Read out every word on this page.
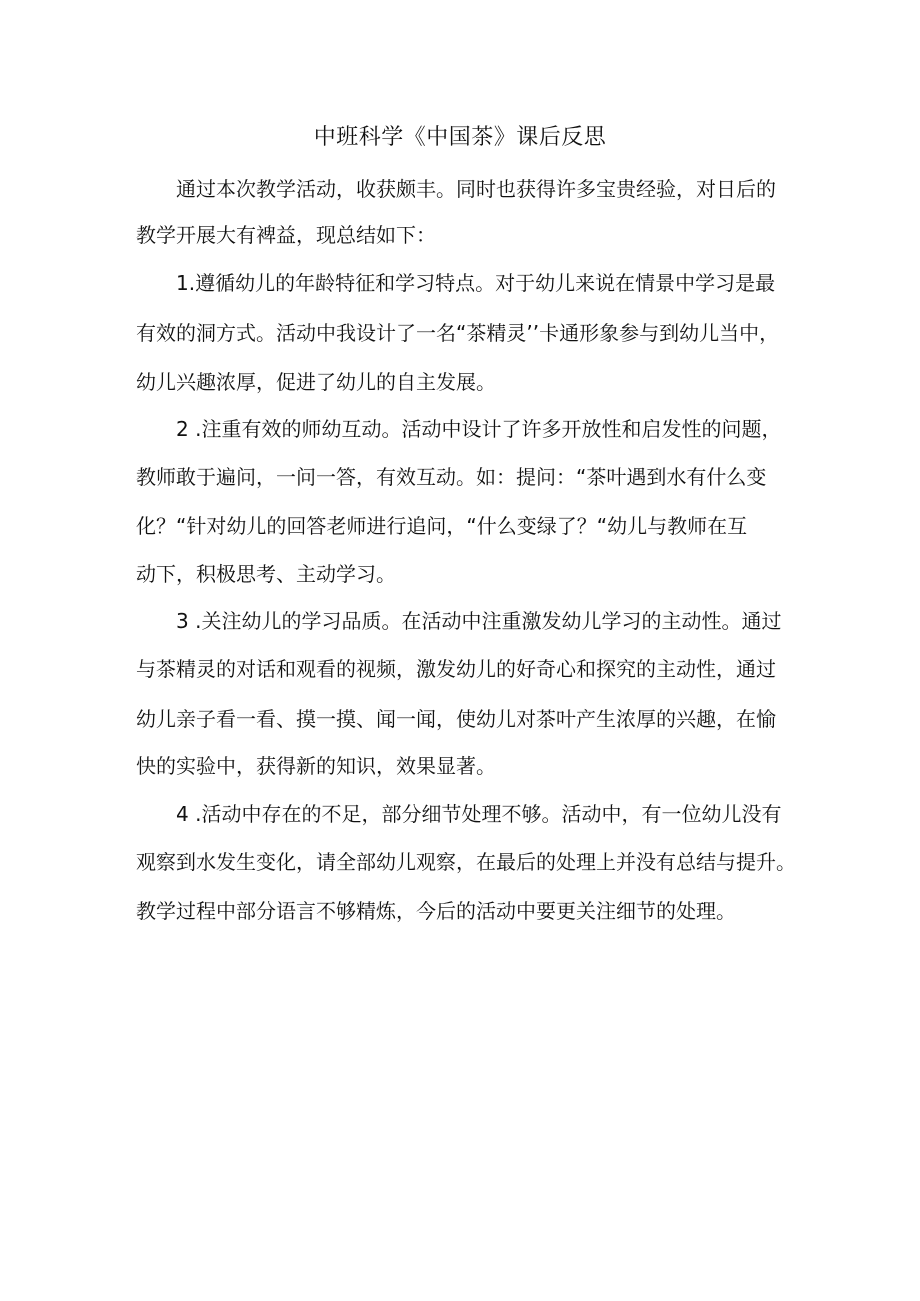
中班科学《中国茶》课后反思
通过本次教学活动，收获颇丰。同时也获得许多宝贵经验，对日后的
教学开展大有裨益，现总结如下：
1.遵循幼儿的年龄特征和学习特点。对于幼儿来说在情景中学习是最
有效的洞方式。活动中我设计了一名“茶精灵’’卡通形象参与到幼儿当中，
幼儿兴趣浓厚，促进了幼儿的自主发展。
2 .注重有效的师幼互动。活动中设计了许多开放性和启发性的问题，
教师敢于遍问，一问一答，有效互动。如：提问：“茶叶遇到水有什么变
化？“针对幼儿的回答老师进行追问，“什么变绿了？“幼儿与教师在互
动下，积极思考、主动学习。
3 .关注幼儿的学习品质。在活动中注重激发幼儿学习的主动性。通过
与茶精灵的对话和观看的视频，激发幼儿的好奇心和探究的主动性，通过
幼儿亲子看一看、摸一摸、闻一闻，使幼儿对茶叶产生浓厚的兴趣，在愉
快的实验中，获得新的知识，效果显著。
4 .活动中存在的不足，部分细节处理不够。活动中，有一位幼儿没有
观察到水发生变化，请全部幼儿观察，在最后的处理上并没有总结与提升。
教学过程中部分语言不够精炼，今后的活动中要更关注细节的处理。
